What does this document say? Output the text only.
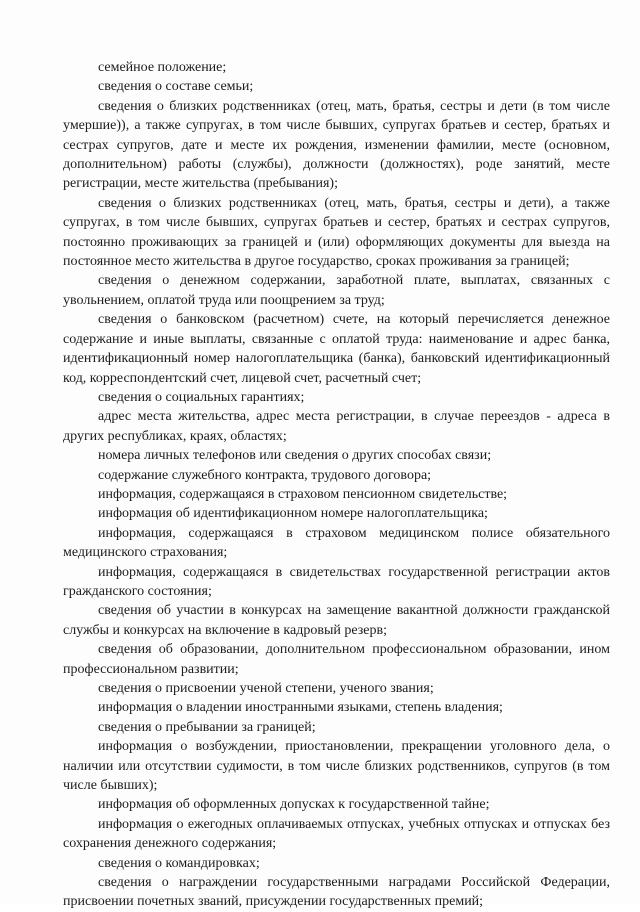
семейное положение;

сведения о составе семьи;

сведения о близких родственниках (отец, мать, братья, сестры и дети (в том числе умершие)), а также супругах, в том числе бывших, супругах братьев и сестер, братьях и сестрах супругов, дате и месте их рождения, изменении фамилии, месте (основном, дополнительном) работы (службы), должности (должностях), роде занятий, месте регистрации, месте жительства (пребывания);

сведения о близких родственниках (отец, мать, братья, сестры и дети), а также супругах, в том числе бывших, супругах братьев и сестер, братьях и сестрах супругов, постоянно проживающих за границей и (или) оформляющих документы для выезда на постоянное место жительства в другое государство, сроках проживания за границей;

сведения о денежном содержании, заработной плате, выплатах, связанных с увольнением, оплатой труда или поощрением за труд;

сведения о банковском (расчетном) счете, на который перечисляется денежное содержание и иные выплаты, связанные с оплатой труда: наименование и адрес банка, идентификационный номер налогоплательщика (банка), банковский идентификационный код, корреспондентский счет, лицевой счет, расчетный счет;

сведения о социальных гарантиях;

адрес места жительства, адрес места регистрации, в случае переездов - адреса в других республиках, краях, областях;

номера личных телефонов или сведения о других способах связи;

содержание служебного контракта, трудового договора;

информация, содержащаяся в страховом пенсионном свидетельстве;

информация об идентификационном номере налогоплательщика;

информация, содержащаяся в страховом медицинском полисе обязательного медицинского страхования;

информация, содержащаяся в свидетельствах государственной регистрации актов гражданского состояния;

сведения об участии в конкурсах на замещение вакантной должности гражданской службы и конкурсах на включение в кадровый резерв;

сведения об образовании, дополнительном профессиональном образовании, ином профессиональном развитии;

сведения о присвоении ученой степени, ученого звания;

информация о владении иностранными языками, степень владения;

сведения о пребывании за границей;

информация о возбуждении, приостановлении, прекращении уголовного дела, о наличии или отсутствии судимости, в том числе близких родственников, супругов (в том числе бывших);

информация об оформленных допусках к государственной тайне;

информация о ежегодных оплачиваемых отпусках, учебных отпусках и отпусках без сохранения денежного содержания;

сведения о командировках;

сведения о награждении государственными наградами Российской Федерации, присвоении почетных званий, присуждении государственных премий;
